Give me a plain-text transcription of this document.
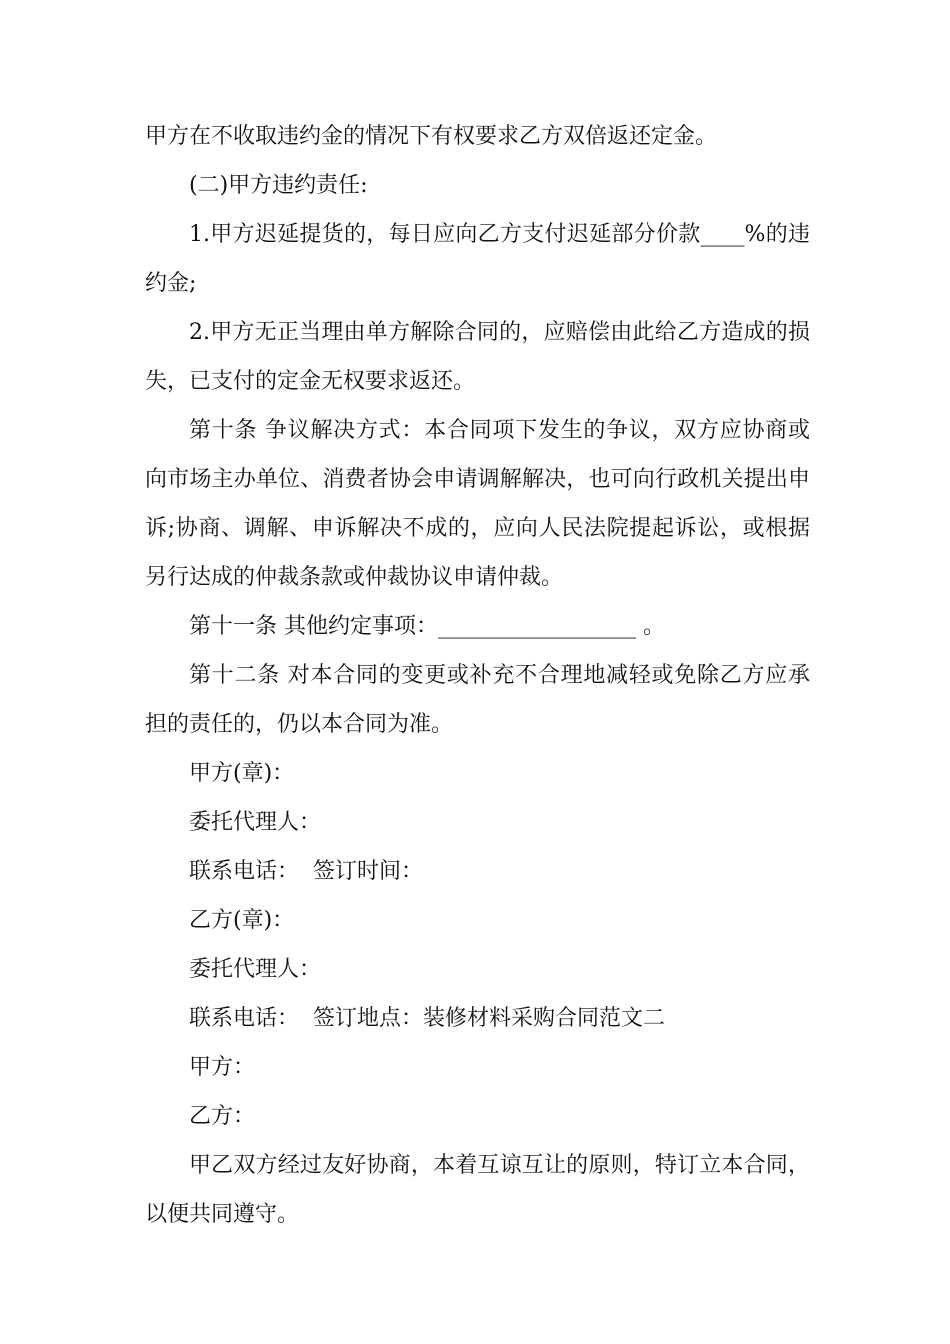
甲方在不收取违约金的情况下有权要求乙方双倍返还定金。

(二)甲方违约责任:

1.甲方迟延提货的，每日应向乙方支付迟延部分价款____%的违约金;

2.甲方无正当理由单方解除合同的，应赔偿由此给乙方造成的损失，已支付的定金无权要求返还。

第十条 争议解决方式：本合同项下发生的争议，双方应协商或向市场主办单位、消费者协会申请调解解决，也可向行政机关提出申诉;协商、调解、申诉解决不成的，应向人民法院提起诉讼，或根据另行达成的仲裁条款或仲裁协议申请仲裁。

第十一条 其他约定事项：__________________ 。

第十二条 对本合同的变更或补充不合理地减轻或免除乙方应承担的责任的，仍以本合同为准。

甲方(章)：

委托代理人：

联系电话：  签订时间：

乙方(章)：

委托代理人：

联系电话：  签订地点：装修材料采购合同范文二

甲方：

乙方：

甲乙双方经过友好协商，本着互谅互让的原则，特订立本合同，以便共同遵守。
